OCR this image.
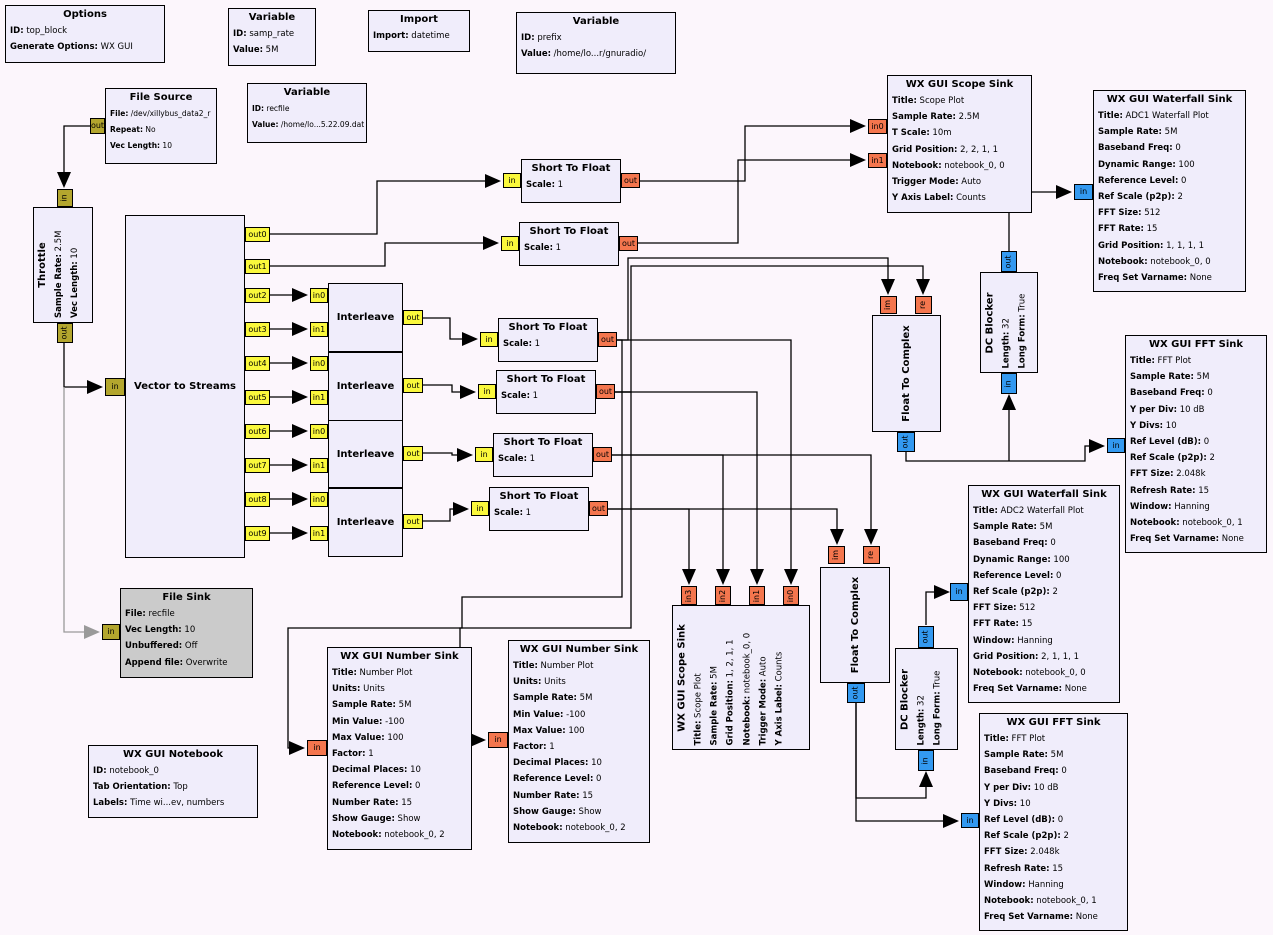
Options
ID: top_block
Generate Options: WX GUI
Variable
ID: samp_rate
Value: 5M
Import
Import: datetime
Variable
ID: prefix
Value: /home/lo...r/gnuradio/
File Source
File: /dev/xillybus_data2_r
Repeat: No
Vec Length: 10
out
Variable
ID: recfile
Value: /home/lo...5.22.09.dat
Throttle Sample Rate: 2.5M
Vec Length: 10
in
out
Vector to Streams
in
out0
out1
out2
out3
out4
out5
out6
out7
out8
out9
Interleave
in0
in1
out
Interleave
in0
in1
out
Interleave
in0
in1
out
Interleave
in0
in1
out
Short To Float
Scale: 1
in	out
Short To Float
Scale: 1
in	out
Short To Float
Scale: 1
in	out
Short To Float
Scale: 1
in	out
Short To Float
Scale: 1
in	out
Short To Float
Scale: 1
in	out
WX GUI Scope Sink
Title: Scope Plot
Sample Rate: 2.5M
T Scale: 10m
Grid Position: 2, 2, 1, 1
Notebook: notebook_0, 0
Trigger Mode: Auto
Y Axis Label: Counts
in0
in1
WX GUI Waterfall Sink
Title: ADC1 Waterfall Plot
Sample Rate: 5M
Baseband Freq: 0
Dynamic Range: 100
Reference Level: 0
Ref Scale (p2p): 2
FFT Size: 512
FFT Rate: 15
Grid Position: 1, 1, 1, 1
Notebook: notebook_0, 0
Freq Set Varname: None
in
Float To Complex
im	re
out
DC Blocker Length: 32 Long Form: True
out
in
WX GUI FFT Sink
Title: FFT Plot
Sample Rate: 5M
Baseband Freq: 0
Y per Div: 10 dB
Y Divs: 10
Ref Level (dB): 0
Ref Scale (p2p): 2
FFT Size: 2.048k
Refresh Rate: 15
Window: Hanning
Notebook: notebook_0, 1
Freq Set Varname: None
in
WX GUI Waterfall Sink
Title: ADC2 Waterfall Plot
Sample Rate: 5M
Baseband Freq: 0
Dynamic Range: 100
Reference Level: 0
Ref Scale (p2p): 2
FFT Size: 512
FFT Rate: 15
Window: Hanning
Grid Position: 2, 1, 1, 1
Notebook: notebook_0, 0
Freq Set Varname: None
in
WX GUI Scope Sink
Title: Scope Plot Sample Rate: 5M
Grid Position: 1, 2, 1, 1
Notebook: notebook_0, 0
Trigger Mode: Auto
Y Axis Label: Counts
in3	in2	in1	in0	Float To Complex
im	re
out	DC Blocker Length: 32 Long Form: True
out
in
WX GUI FFT Sink
Title: FFT Plot
Sample Rate: 5M
Baseband Freq: 0
Y per Div: 10 dB
Y Divs: 10
Ref Level (dB): 0
Ref Scale (p2p): 2
FFT Size: 2.048k
Refresh Rate: 15
Window: Hanning
Notebook: notebook_0, 1
Freq Set Varname: None
in
WX GUI Number Sink
Title: Number Plot
Units: Units
Sample Rate: 5M
Min Value: -100
Max Value: 100
Factor: 1
Decimal Places: 10
Reference Level: 0
Number Rate: 15
Show Gauge: Show
Notebook: notebook_0, 2
in
WX GUI Number Sink
Title: Number Plot
Units: Units
Sample Rate: 5M
Min Value: -100
Max Value: 100
Factor: 1
Decimal Places: 10
Reference Level: 0
Number Rate: 15
Show Gauge: Show
Notebook: notebook_0, 2
in
File Sink
File: recfile
Vec Length: 10
Unbuffered: Off
Append file: Overwrite
in
WX GUI Notebook
ID: notebook_0
Tab Orientation: Top
Labels: Time wi...ev, numbers
